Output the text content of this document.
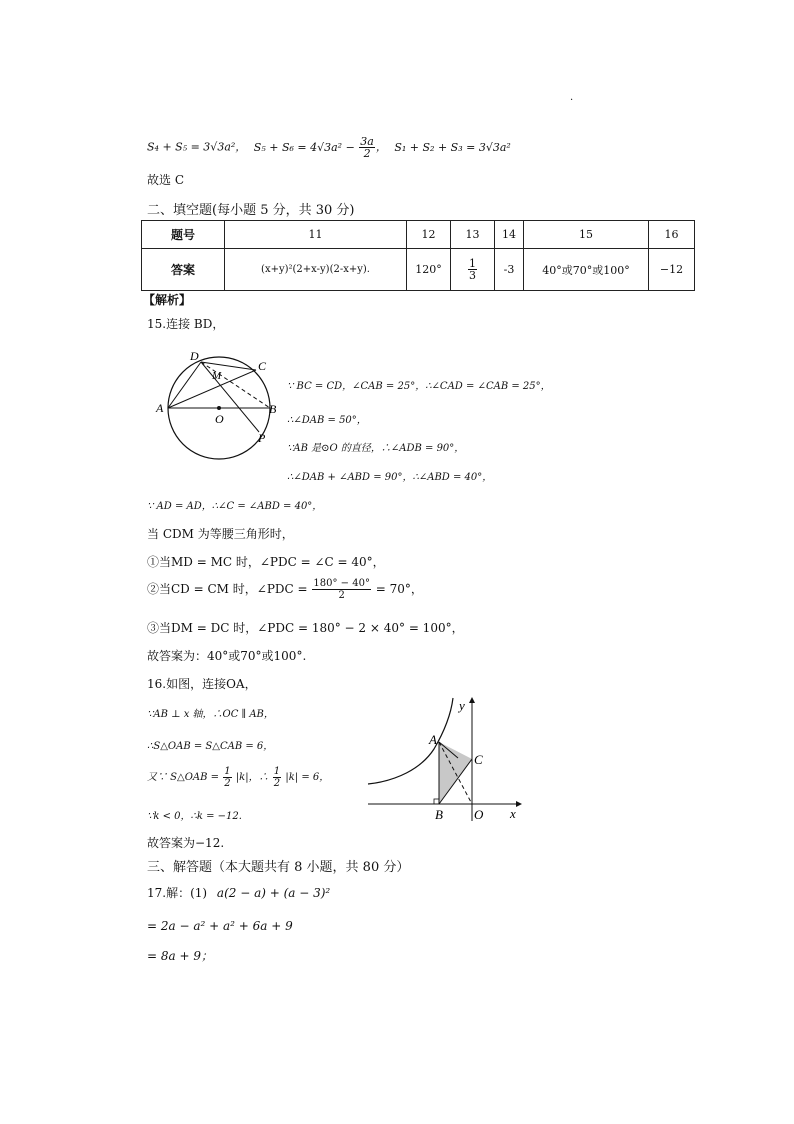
.
S₄ + S₅ = 3√3a²， $S_5 + S_6 = 4√3a^2 - \frac{3a}{2}$ ， S₁ + S₂ + S₃ = 3√3a²
故选 C
二、填空题(每小题 5 分，共 30 分)
题号	11	12	13	14	15	16
答案	(x+y)²(2+x-y)(2-x+y).	120°	$\frac{1}{3}$	-3	40°或70°或100°	−12
【解析】
15.连接 BD，
D
C
M
A
O
B
P
∵ BC = CD，∠CAB = 25°，∴∠CAD = ∠CAB = 25°，
∴∠DAB = 50°，
∵AB 是⊙O 的直径，∴∠ADB = 90°，
∴∠DAB + ∠ABD = 90°，∴∠ABD = 40°，
∵ AD = AD，∴∠C = ∠ABD = 40°，
当 CDM 为等腰三角形时，
①当MD = MC 时，∠PDC = ∠C = 40°，
②当CD = CM 时，∠PDC = $\frac{180^\circ - 40^\circ}{2} = 70^\circ$，
③当DM = DC 时，∠PDC = 180° − 2 × 40° = 100°，
故答案为：40°或70°或100°.
16.如图，连接OA，
∵AB ⊥ x 轴，∴OC ∥ AB，
∴S△OAB = S△CAB = 6，
又∵ S△OAB = $\frac{1}{2} |k|$，∴ $\frac{1}{2} |k| = 6$，
∵k < 0，∴k = −12.
故答案为−12.
y
A
C
B O x
三、解答题（本大题共有 8 小题，共 80 分）
17.解：(1) a(2 − a) + (a − 3)²
= 2a − a² + a² + 6a + 9
= 8a + 9；
